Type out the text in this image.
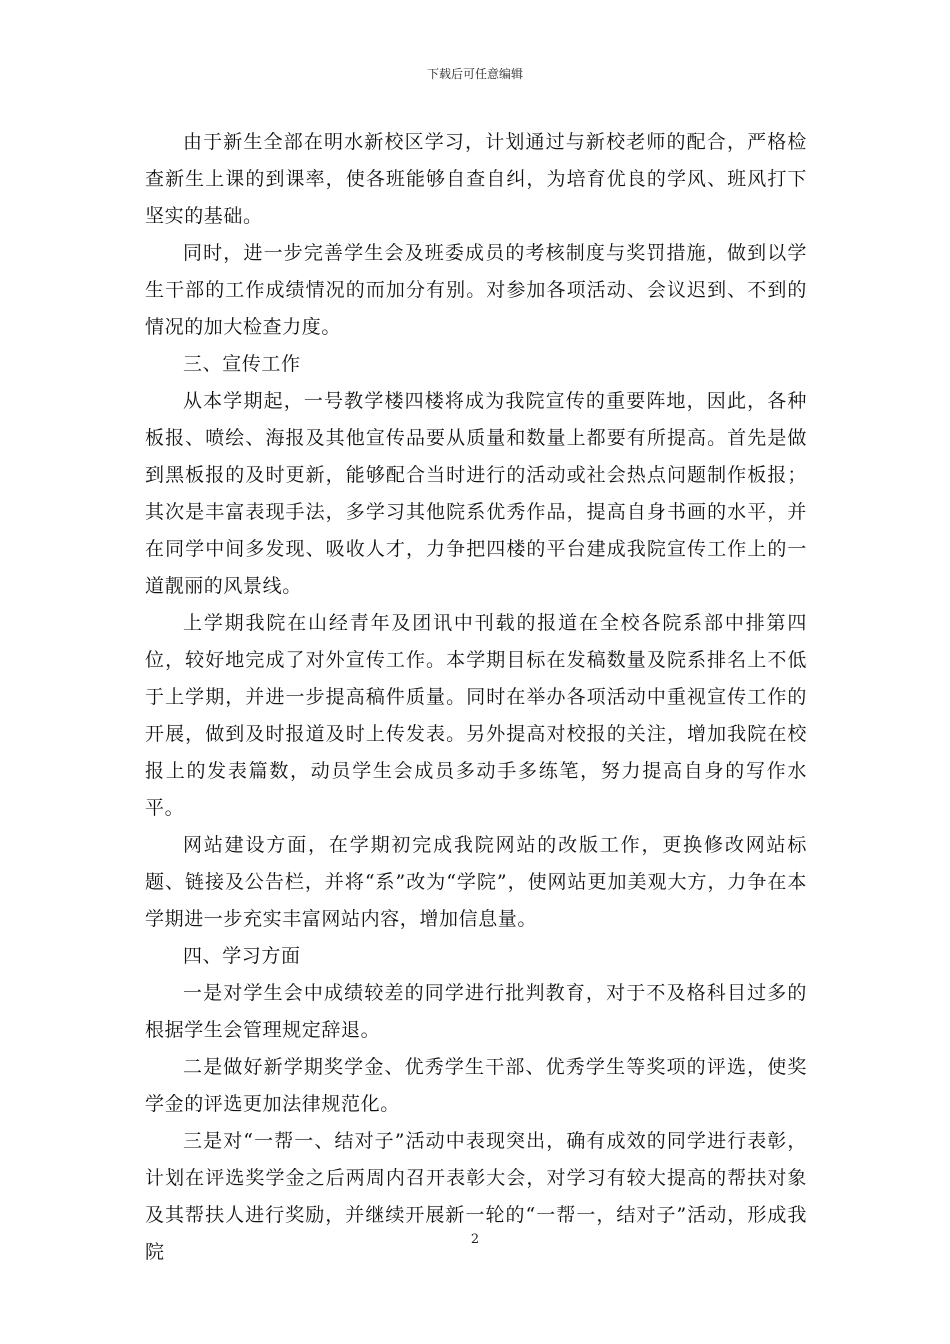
下载后可任意编辑

由于新生全部在明水新校区学习，计划通过与新校老师的配合，严格检查新生上课的到课率，使各班能够自查自纠，为培育优良的学风、班风打下坚实的基础。

同时，进一步完善学生会及班委成员的考核制度与奖罚措施，做到以学生干部的工作成绩情况的而加分有别。对参加各项活动、会议迟到、不到的情况的加大检查力度。

三、宣传工作

从本学期起，一号教学楼四楼将成为我院宣传的重要阵地，因此，各种板报、喷绘、海报及其他宣传品要从质量和数量上都要有所提高。首先是做到黑板报的及时更新，能够配合当时进行的活动或社会热点问题制作板报；其次是丰富表现手法，多学习其他院系优秀作品，提高自身书画的水平，并在同学中间多发现、吸收人才，力争把四楼的平台建成我院宣传工作上的一道靓丽的风景线。

上学期我院在山经青年及团讯中刊载的报道在全校各院系部中排第四位，较好地完成了对外宣传工作。本学期目标在发稿数量及院系排名上不低于上学期，并进一步提高稿件质量。同时在举办各项活动中重视宣传工作的开展，做到及时报道及时上传发表。另外提高对校报的关注，增加我院在校报上的发表篇数，动员学生会成员多动手多练笔，努力提高自身的写作水平。

网站建设方面，在学期初完成我院网站的改版工作，更换修改网站标题、链接及公告栏，并将“系”改为“学院”，使网站更加美观大方，力争在本学期进一步充实丰富网站内容，增加信息量。

四、学习方面

一是对学生会中成绩较差的同学进行批判教育，对于不及格科目过多的根据学生会管理规定辞退。

二是做好新学期奖学金、优秀学生干部、优秀学生等奖项的评选，使奖学金的评选更加法律规范化。

三是对“一帮一、结对子”活动中表现突出，确有成效的同学进行表彰，计划在评选奖学金之后两周内召开表彰大会，对学习有较大提高的帮扶对象及其帮扶人进行奖励，并继续开展新一轮的“一帮一，结对子”活动，形成我院

2
